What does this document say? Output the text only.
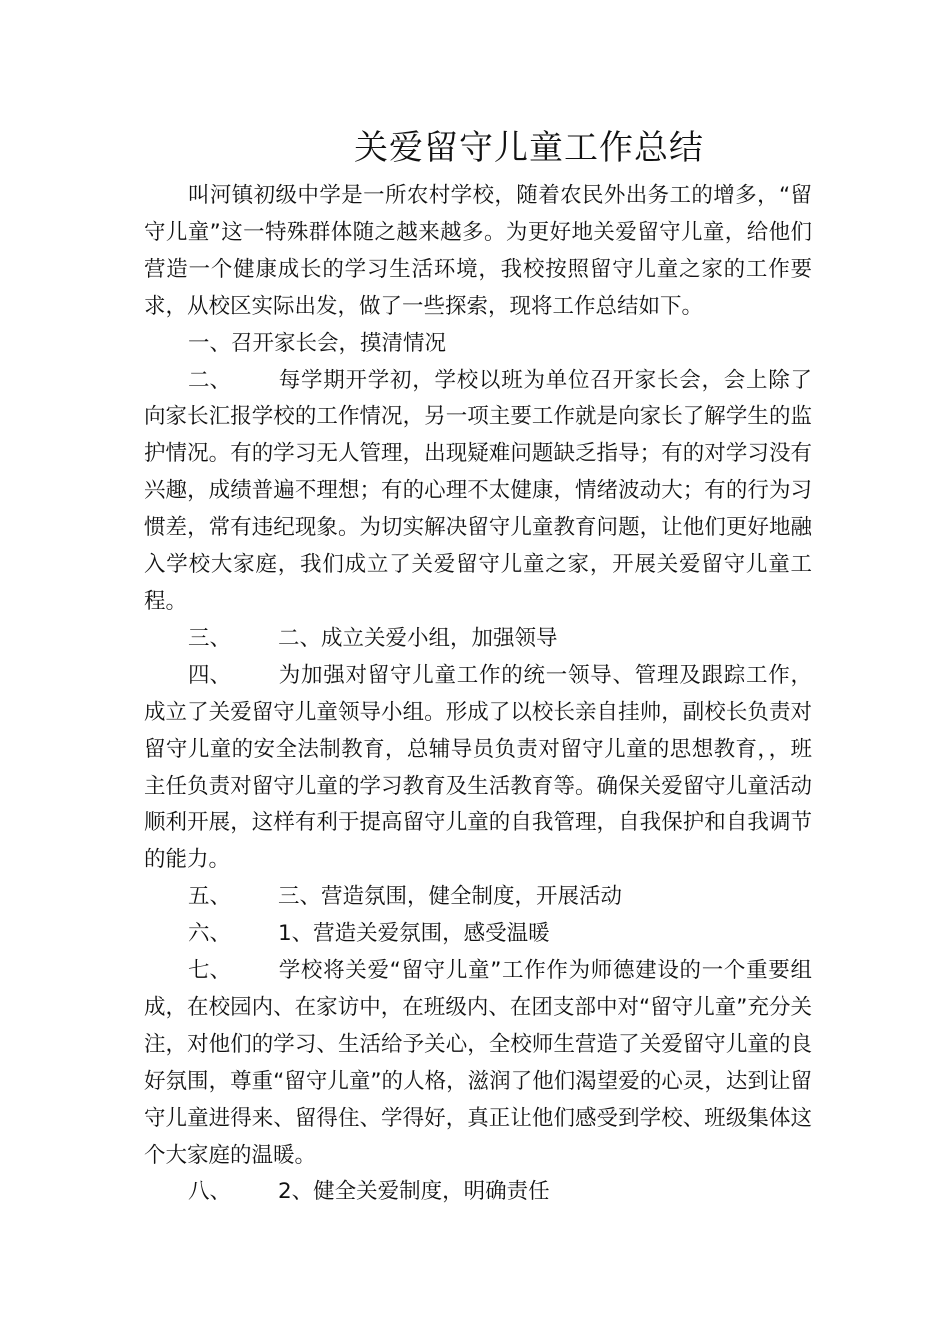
关爱留守儿童工作总结

叫河镇初级中学是一所农村学校，随着农民外出务工的增多，“留守儿童”这一特殊群体随之越来越多。为更好地关爱留守儿童，给他们营造一个健康成长的学习生活环境，我校按照留守儿童之家的工作要求，从校区实际出发，做了一些探索，现将工作总结如下。

一、召开家长会，摸清情况

二、 每学期开学初，学校以班为单位召开家长会，会上除了向家长汇报学校的工作情况，另一项主要工作就是向家长了解学生的监护情况。有的学习无人管理，出现疑难问题缺乏指导；有的对学习没有兴趣，成绩普遍不理想；有的心理不太健康，情绪波动大；有的行为习惯差，常有违纪现象。为切实解决留守儿童教育问题，让他们更好地融入学校大家庭，我们成立了关爱留守儿童之家，开展关爱留守儿童工程。

三、 二、成立关爱小组，加强领导

四、 为加强对留守儿童工作的统一领导、管理及跟踪工作，成立了关爱留守儿童领导小组。形成了以校长亲自挂帅，副校长负责对留守儿童的安全法制教育，总辅导员负责对留守儿童的思想教育，，班主任负责对留守儿童的学习教育及生活教育等。确保关爱留守儿童活动顺利开展，这样有利于提高留守儿童的自我管理，自我保护和自我调节的能力。

五、 三、营造氛围，健全制度，开展活动

六、 1、营造关爱氛围，感受温暖

七、 学校将关爱“留守儿童”工作作为师德建设的一个重要组成，在校园内、在家访中，在班级内、在团支部中对“留守儿童”充分关注，对他们的学习、生活给予关心，全校师生营造了关爱留守儿童的良好氛围，尊重“留守儿童”的人格，滋润了他们渴望爱的心灵，达到让留守儿童进得来、留得住、学得好，真正让他们感受到学校、班级集体这个大家庭的温暖。

八、 2、健全关爱制度，明确责任
